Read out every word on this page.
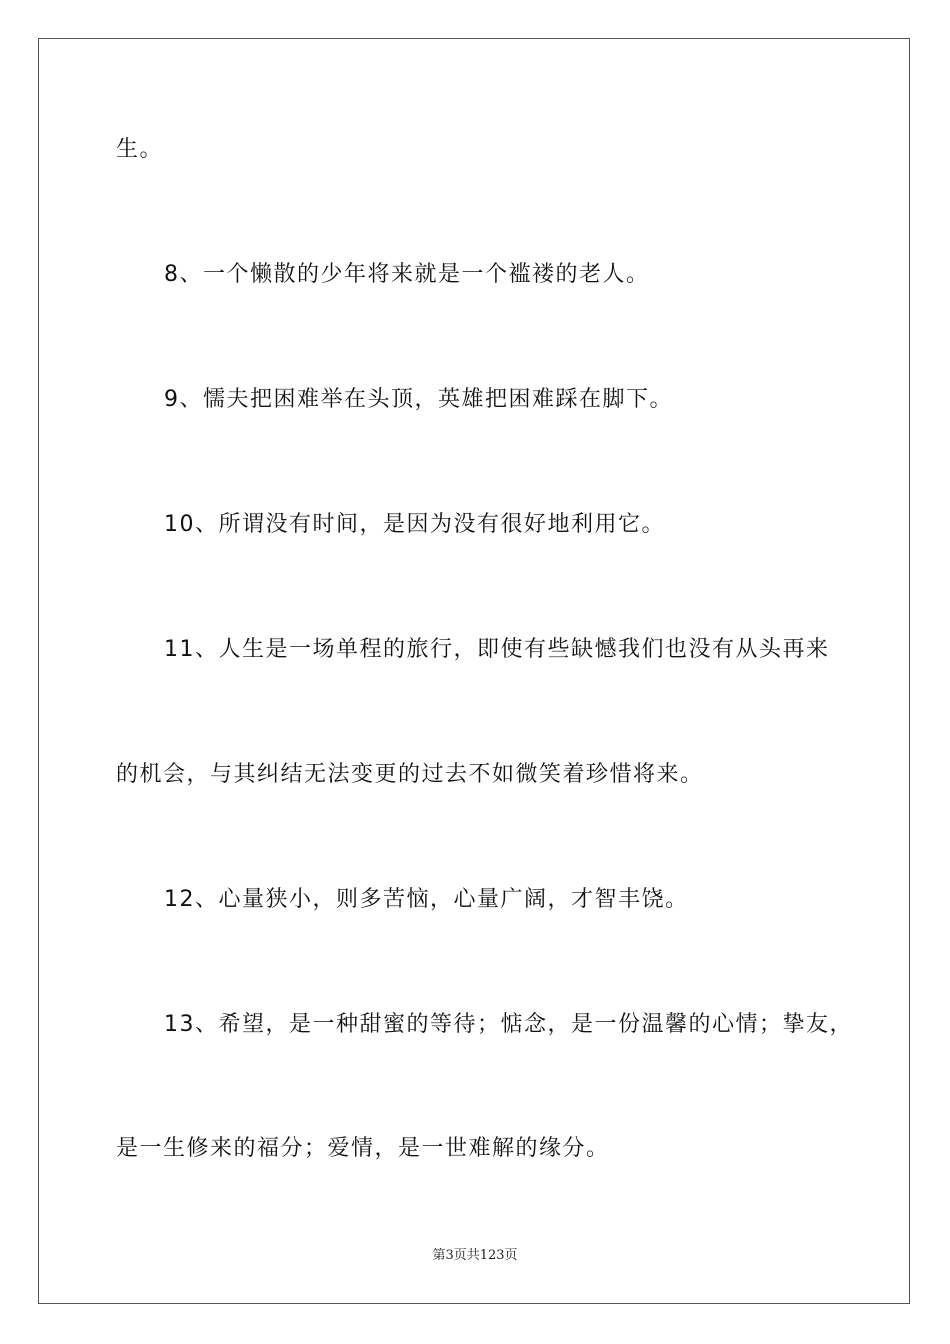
生。
8、一个懒散的少年将来就是一个褴褛的老人。
9、懦夫把困难举在头顶，英雄把困难踩在脚下。
10、所谓没有时间，是因为没有很好地利用它。
11、人生是一场单程的旅行，即使有些缺憾我们也没有从头再来
的机会，与其纠结无法变更的过去不如微笑着珍惜将来。
12、心量狭小，则多苦恼，心量广阔，才智丰饶。
13、希望，是一种甜蜜的等待；惦念，是一份温馨的心情；挚友，
是一生修来的福分；爱情，是一世难解的缘分。
第3页共123页
